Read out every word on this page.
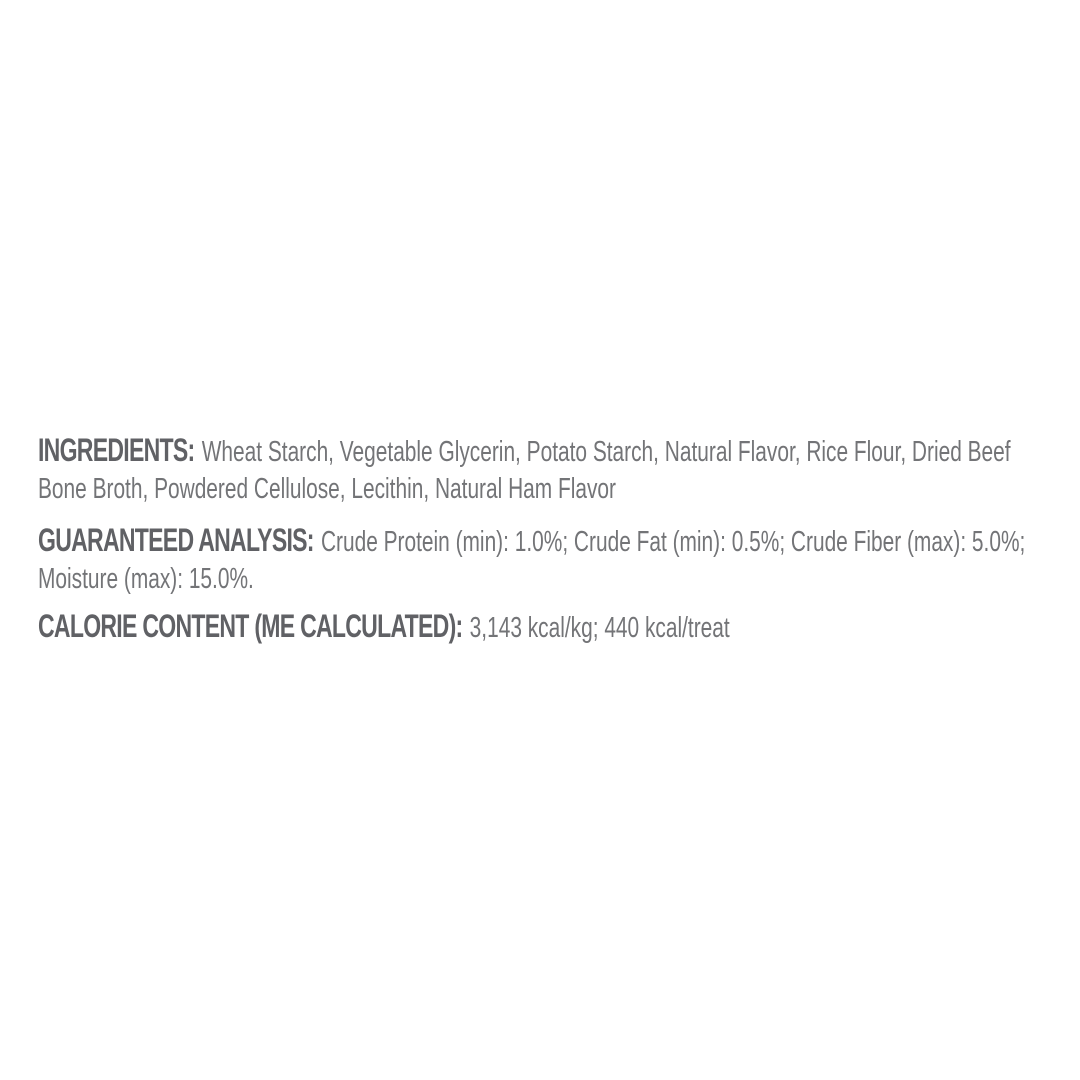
INGREDIENTS: Wheat Starch, Vegetable Glycerin, Potato Starch, Natural Flavor, Rice Flour, Dried Beef
Bone Broth, Powdered Cellulose, Lecithin, Natural Ham Flavor
GUARANTEED ANALYSIS: Crude Protein (min): 1.0%; Crude Fat (min): 0.5%; Crude Fiber (max): 5.0%;
Moisture (max): 15.0%.
CALORIE CONTENT (ME CALCULATED): 3,143 kcal/kg; 440 kcal/treat
